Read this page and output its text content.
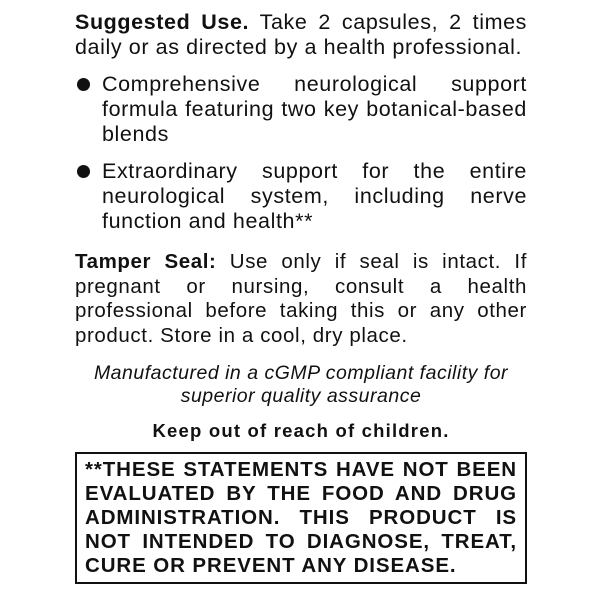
Suggested Use. Take 2 capsules, 2 times daily or as directed by a health professional.

Comprehensive neurological support formula featuring two key botanical-based blends
Extraordinary support for the entire neurological system, including nerve function and health**

Tamper Seal: Use only if seal is intact. If pregnant or nursing, consult a health professional before taking this or any other product. Store in a cool, dry place.

Manufactured in a cGMP compliant facility for superior quality assurance

Keep out of reach of children.

**THESE STATEMENTS HAVE NOT BEEN
EVALUATED BY THE FOOD AND DRUG
ADMINISTRATION. THIS PRODUCT IS
NOT INTENDED TO DIAGNOSE, TREAT,
CURE OR PREVENT ANY DISEASE.
